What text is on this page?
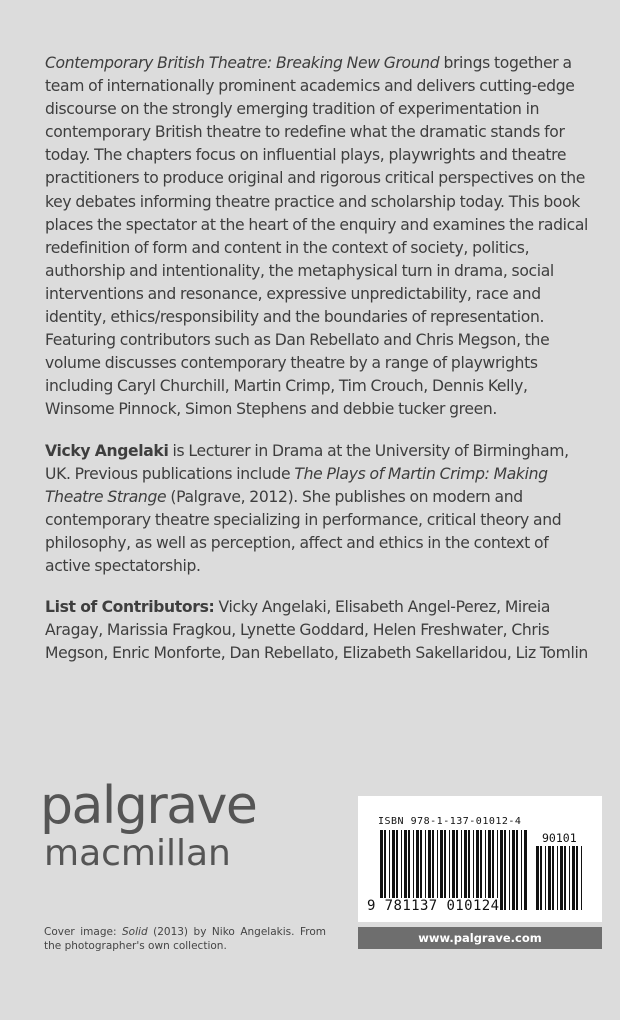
Contemporary British Theatre: Breaking New Ground brings together a team of internationally prominent academics and delivers cutting-edge discourse on the strongly emerging tradition of experimentation in contemporary British theatre to redefine what the dramatic stands for today. The chapters focus on influential plays, playwrights and theatre practitioners to produce original and rigorous critical perspectives on the key debates informing theatre practice and scholarship today. This book places the spectator at the heart of the enquiry and examines the radical redefinition of form and content in the context of society, politics, authorship and intentionality, the metaphysical turn in drama, social interventions and resonance, expressive unpredictability, race and identity, ethics/responsibility and the boundaries of representation. Featuring contributors such as Dan Rebellato and Chris Megson, the volume discusses contemporary theatre by a range of playwrights including Caryl Churchill, Martin Crimp, Tim Crouch, Dennis Kelly, Winsome Pinnock, Simon Stephens and debbie tucker green.

Vicky Angelaki is Lecturer in Drama at the University of Birmingham, UK. Previous publications include The Plays of Martin Crimp: Making Theatre Strange (Palgrave, 2012). She publishes on modern and contemporary theatre specializing in performance, critical theory and philosophy, as well as perception, affect and ethics in the context of active spectatorship.

List of Contributors: Vicky Angelaki, Elisabeth Angel-Perez, Mireia Aragay, Marissia Fragkou, Lynette Goddard, Helen Freshwater, Chris Megson, Enric Monforte, Dan Rebellato, Elizabeth Sakellaridou, Liz Tomlin

palgrave
macmillan
Cover image: Solid (2013) by Niko Angelakis. From the photographer's own collection.
ISBN 978-1-137-01012-4
90101
9 781137 010124
www.palgrave.com
